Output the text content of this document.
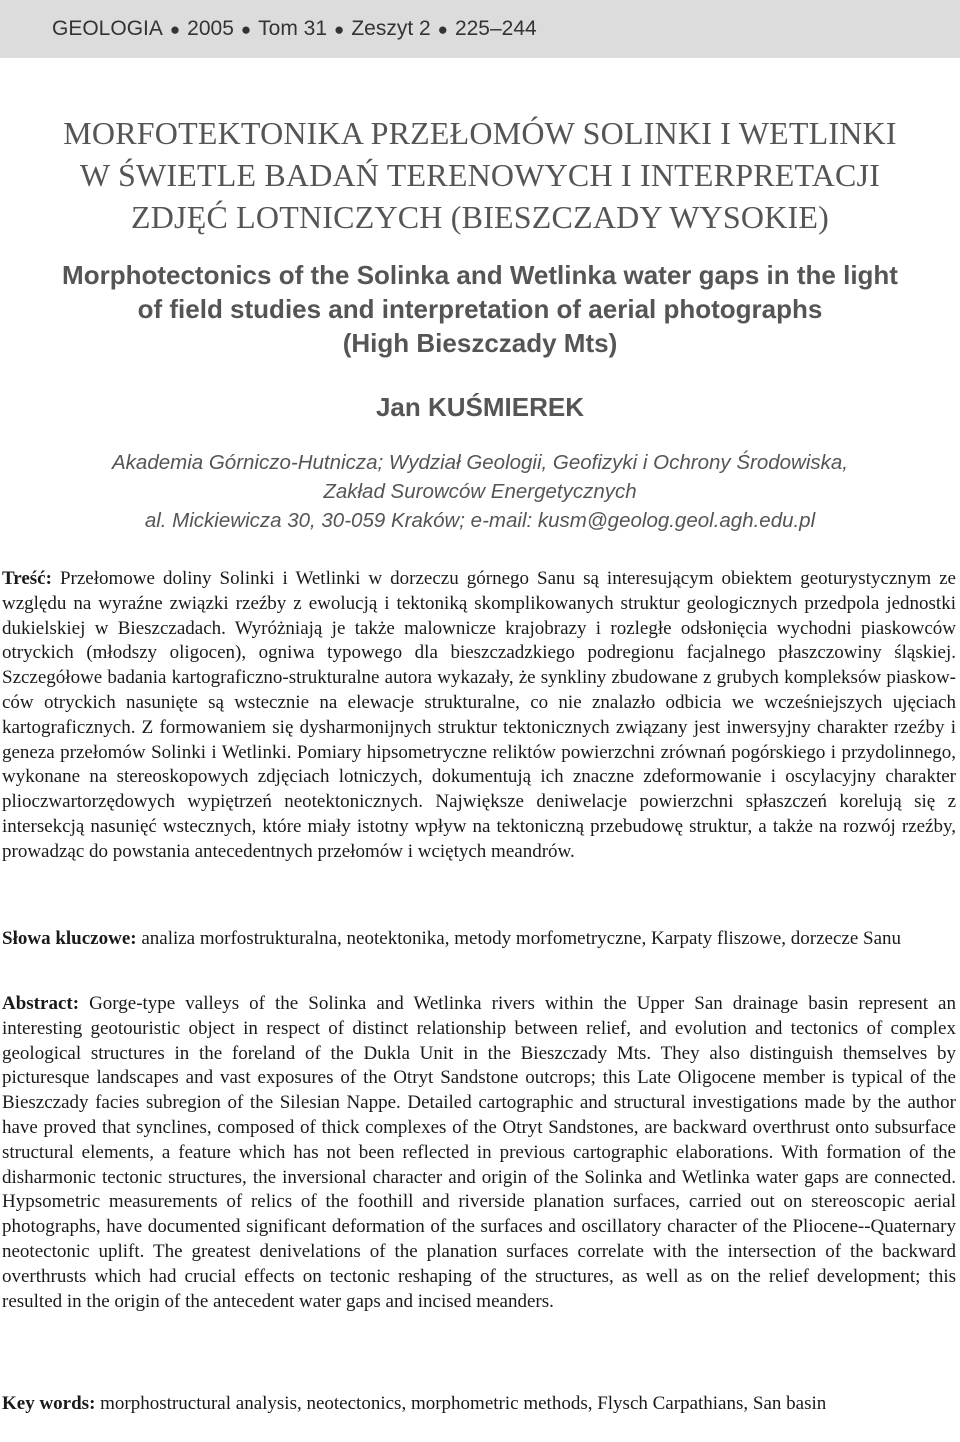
GEOLOGIA ● 2005 ● Tom 31 ● Zeszyt 2 ● 225–244
MORFOTEKTONIKA PRZEŁOMÓW SOLINKI I WETLINKI
W ŚWIETLE BADAŃ TERENOWYCH I INTERPRETACJI
ZDJĘĆ LOTNICZYCH (BIESZCZADY WYSOKIE)
Morphotectonics of the Solinka and Wetlinka water gaps in the light
of field studies and interpretation of aerial photographs
(High Bieszczady Mts)
Jan KUŚMIEREK
Akademia Górniczo-Hutnicza; Wydział Geologii, Geofizyki i Ochrony Środowiska,
Zakład Surowców Energetycznych
al. Mickiewicza 30, 30-059 Kraków; e-mail: kusm@geolog.geol.agh.edu.pl
Treść: Przełomowe doliny Solinki i Wetlinki w dorzeczu górnego Sanu są interesującym obiektem geoturystycznym ze względu na wyraźne związki rzeźby z ewolucją i tektoniką skomplikowanych struktur geologicznych przedpola jednostki dukielskiej w Bieszczadach. Wyróżniają je także malownicze krajobrazy i rozległe odsłonięcia wychodni piaskowców otryckich (młodszy oligocen), ogniwa typowego dla bieszczadzkiego podregionu facjalnego płaszczowiny śląskiej. Szczegółowe badania kartograficzno-strukturalne autora wykazały, że synkliny zbudowane z grubych kompleksów piaskowców otryckich nasunięte są wstecznie na elewacje strukturalne, co nie znalazło odbicia we wcześniejszych ujęciach kartograficznych. Z formowaniem się dysharmonijnych struktur tektonicznych związany jest inwersyjny charakter rzeźby i geneza przełomów Solinki i Wetlinki. Pomiary hipsometryczne reliktów powierzchni zrównań pogórskiego i przydolinnego, wykonane na stereoskopowych zdjęciach lotniczych, dokumentują ich znaczne zdeformowanie i oscylacyjny charakter plioczwartorzędowych wypiętrzeń neotektonicznych. Największe deniwelacje powierzchni spłaszczeń korelują się z intersekcją nasunięć wstecznych, które miały istotny wpływ na tektoniczną przebudowę struktur, a także na rozwój rzeźby, prowadząc do powstania antecedentnych przełomów i wciętych meandrów.
Słowa kluczowe: analiza morfostrukturalna, neotektonika, metody morfometryczne, Karpaty fliszowe, dorzecze Sanu
Abstract: Gorge-type valleys of the Solinka and Wetlinka rivers within the Upper San drainage basin represent an interesting geotouristic object in respect of distinct relationship between relief, and evolution and tectonics of complex geological structures in the foreland of the Dukla Unit in the Bieszczady Mts. They also distinguish themselves by picturesque landscapes and vast exposures of the Otryt Sandstone outcrops; this Late Oligocene member is typical of the Bieszczady facies subregion of the Silesian Nappe. Detailed cartographic and structural investigations made by the author have proved that synclines, composed of thick complexes of the Otryt Sandstones, are backward overthrust onto subsurface structural elements, a feature which has not been reflected in previous cartographic elaborations. With formation of the disharmonic tectonic structures, the inversional character and origin of the Solinka and Wetlinka water gaps are connected. Hypsometric measurements of relics of the foothill and riverside planation surfaces, carried out on stereoscopic aerial photographs, have documented significant deformation of the surfaces and oscillatory character of the Pliocene--Quaternary neotectonic uplift. The greatest denivelations of the planation surfaces correlate with the intersection of the backward overthrusts which had crucial effects on tectonic reshaping of the structures, as well as on the relief development; this resulted in the origin of the antecedent water gaps and incised meanders.
Key words: morphostructural analysis, neotectonics, morphometric methods, Flysch Carpathians, San basin
